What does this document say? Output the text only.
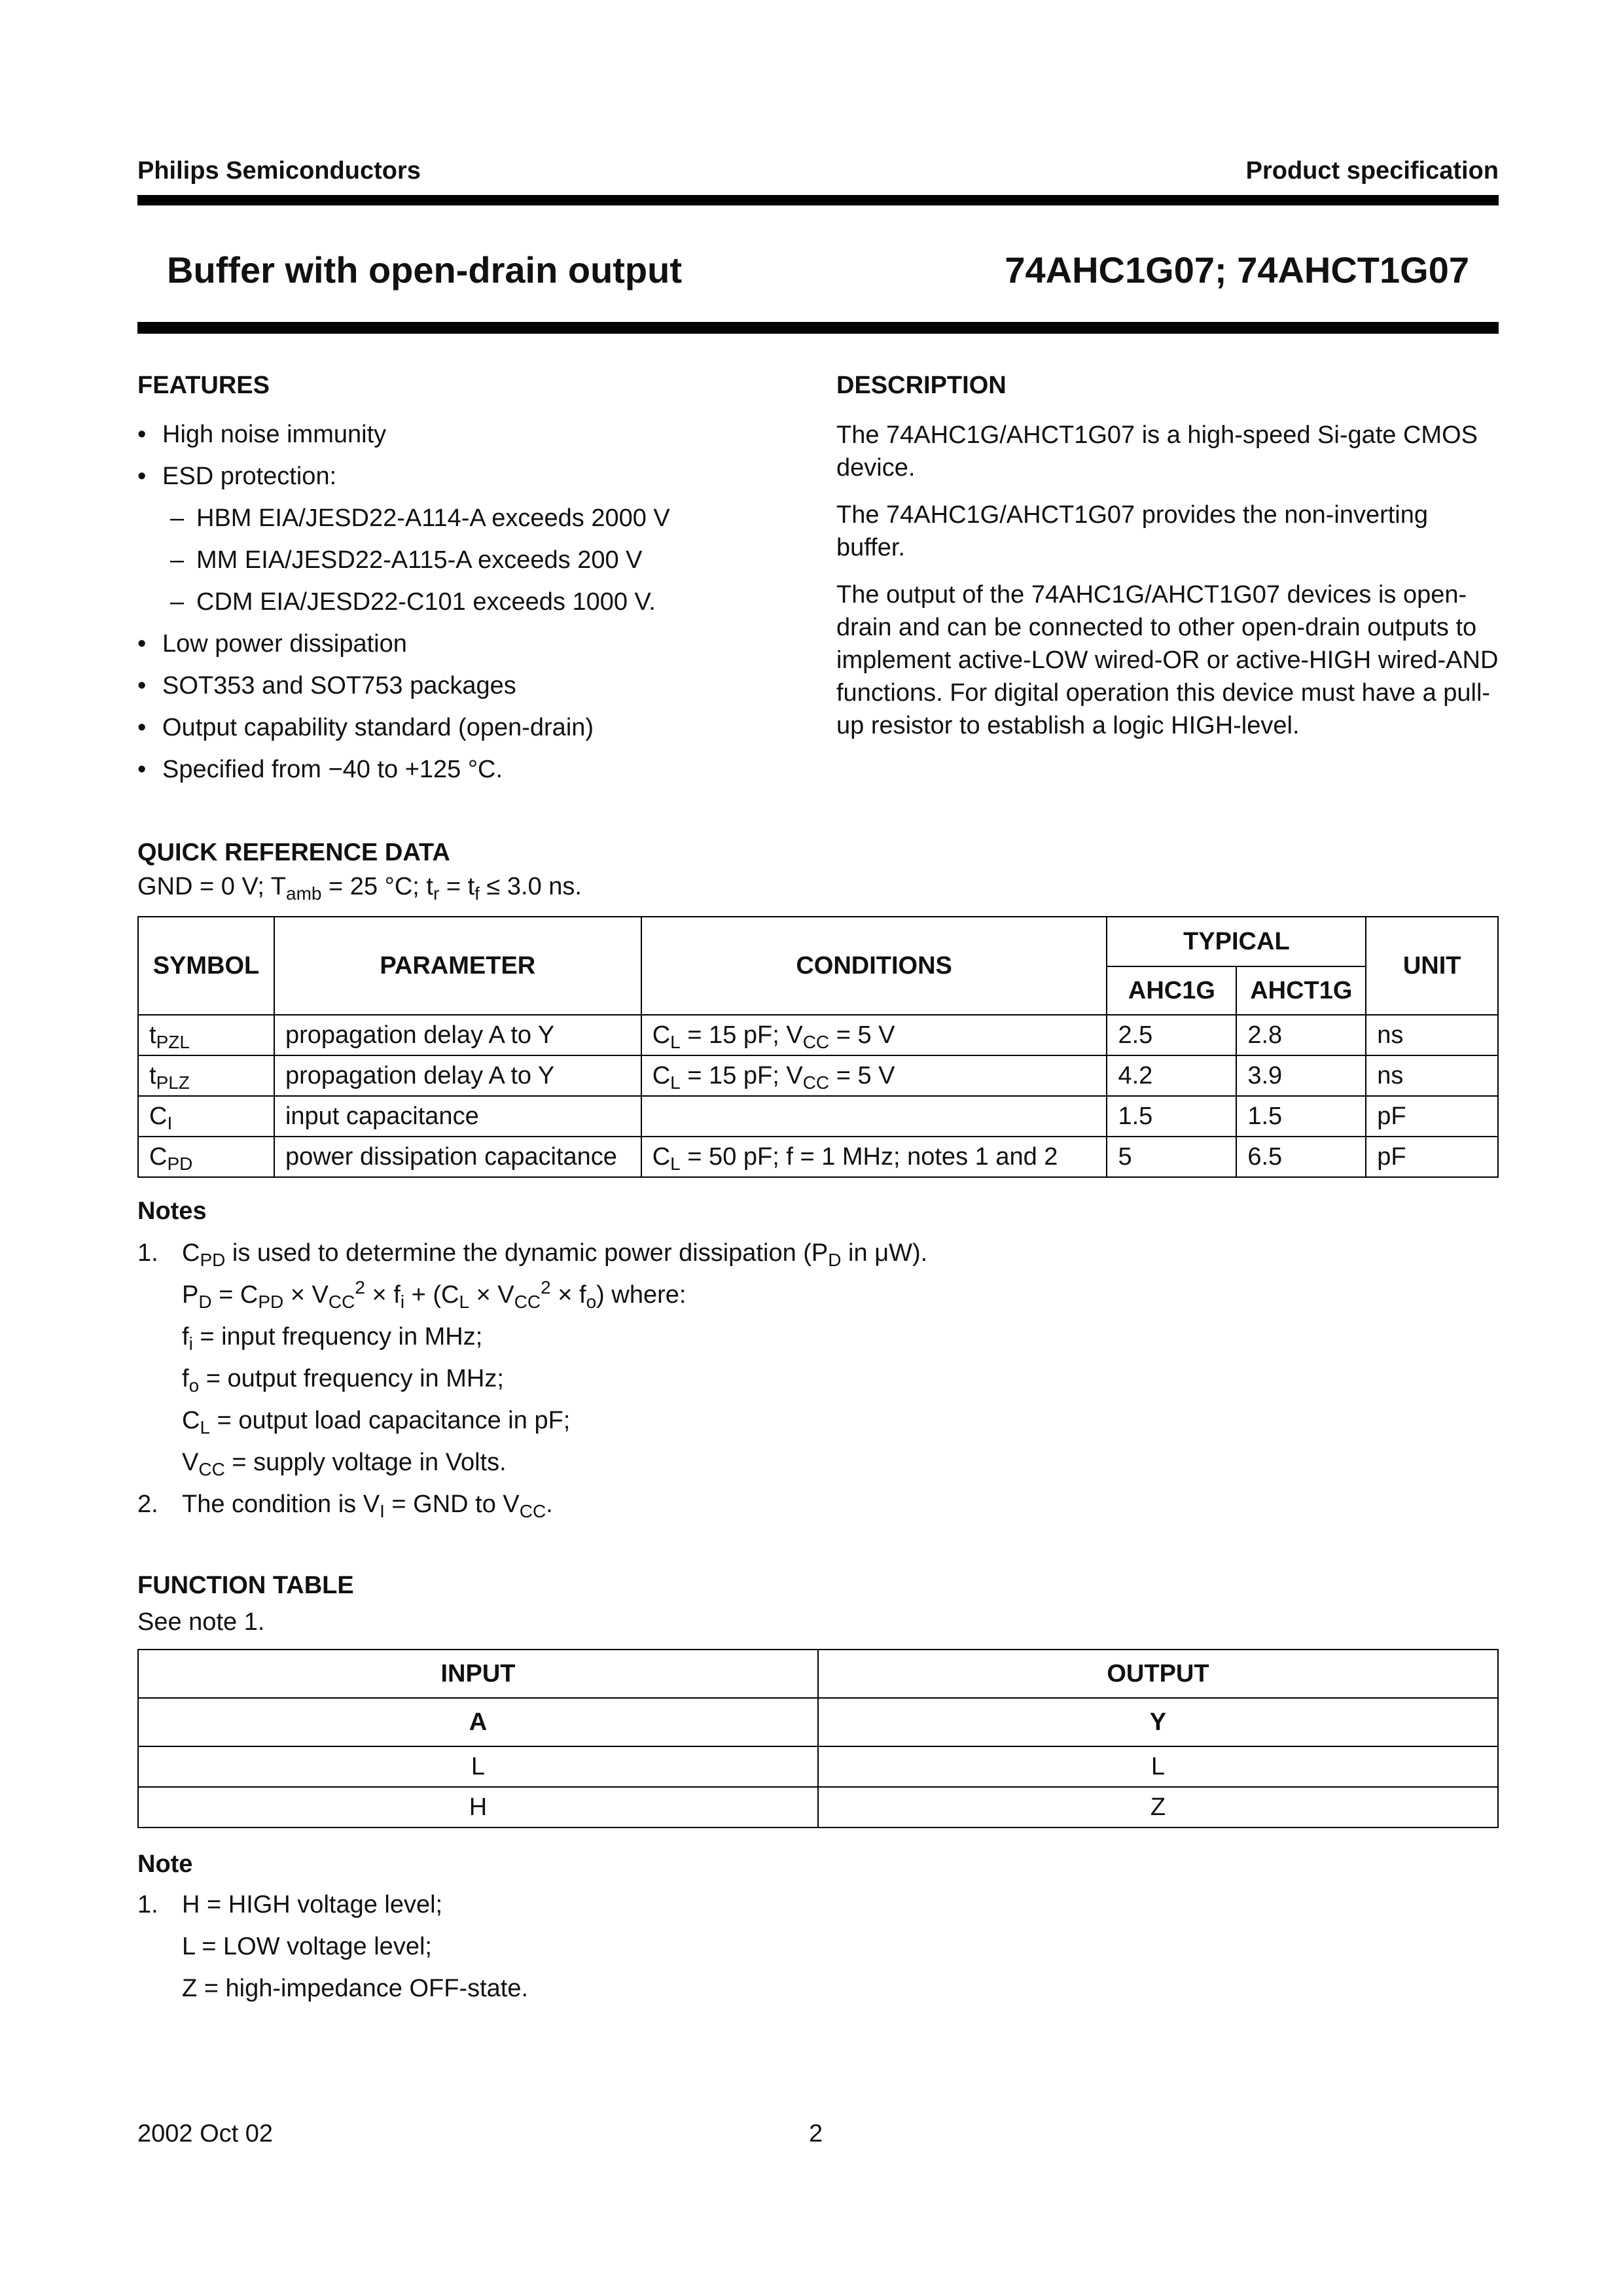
Philips Semiconductors	Product specification
Buffer with open-drain output	74AHC1G07; 74AHCT1G07
FEATURES
• High noise immunity
• ESD protection:
– HBM EIA/JESD22-A114-A exceeds 2000 V
– MM EIA/JESD22-A115-A exceeds 200 V
– CDM EIA/JESD22-C101 exceeds 1000 V.
• Low power dissipation
• SOT353 and SOT753 packages
• Output capability standard (open-drain)
• Specified from −40 to +125 °C.
DESCRIPTION

The 74AHC1G/AHCT1G07 is a high-speed Si-gate CMOS device.

The 74AHC1G/AHCT1G07 provides the non-inverting buffer.

The output of the 74AHC1G/AHCT1G07 devices is open-drain and can be connected to other open-drain outputs to implement active-LOW wired-OR or active-HIGH wired-AND functions. For digital operation this device must have a pull-up resistor to establish a logic HIGH-level.

QUICK REFERENCE DATA
GND = 0 V; $T_{amb} = 25$ °C; $t_r = t_f \le 3.0$ ns.
SYMBOL	PARAMETER	CONDITIONS	TYPICAL		UNIT
			AHC1G	AHCT1G	
$t_{PZL}$	propagation delay A to Y	$C_L = 15$ pF; $V_{CC} = 5$ V	2.5	2.8	ns
$t_{PLZ}$	propagation delay A to Y	$C_L = 15$ pF; $V_{CC} = 5$ V	4.2	3.9	ns
$C_I$	input capacitance		1.5	1.5	pF
$C_{PD}$	power dissipation capacitance	$C_L = 50$ pF; f = 1 MHz; notes 1 and 2	5	6.5	pF
Notes
1. $C_{PD}$ is used to determine the dynamic power dissipation ($P_D$ in μW).
$P_D = C_{PD} \times V_{CC}^2 \times f_i + (C_L \times V_{CC}^2 \times f_o)$ where:
$f_i$ = input frequency in MHz;
$f_o$ = output frequency in MHz;
$C_L$ = output load capacitance in pF;
$V_{CC}$ = supply voltage in Volts.
2. The condition is $V_I$ = GND to $V_{CC}$.
FUNCTION TABLE
See note 1.
INPUT	OUTPUT
A	Y
L	L
H	Z
Note
1. H = HIGH voltage level;
L = LOW voltage level;
Z = high-impedance OFF-state.
2002 Oct 02	2
